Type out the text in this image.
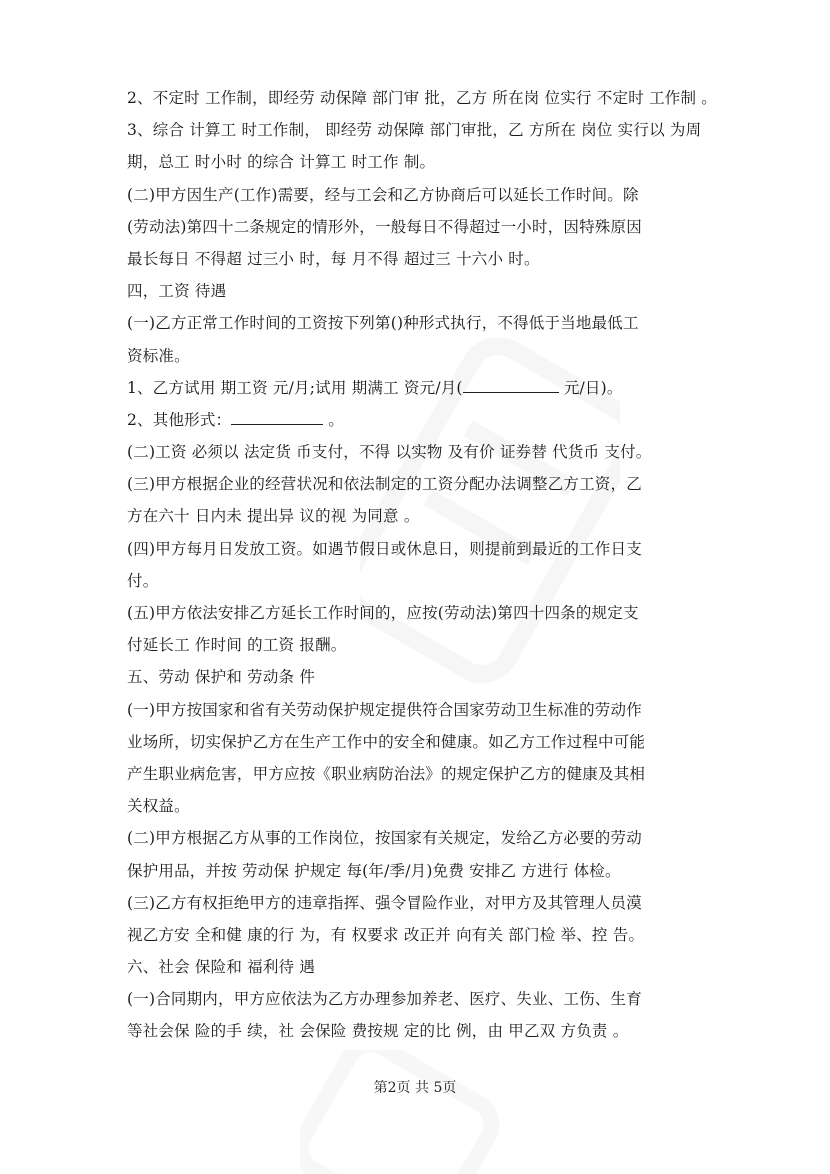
2、不定时 工作制，即经劳 动保障 部门审 批，乙方 所在岗 位实行 不定时 工作制 。
3、综合 计算工 时工作制， 即经劳 动保障 部门审批，乙 方所在 岗位 实行以 为周
期，总工 时小时 的综合 计算工 时工作 制。
(二)甲方因生产(工作)需要，经与工会和乙方协商后可以延长工作时间。除
(劳动法)第四十二条规定的情形外，一般每日不得超过一小时，因特殊原因
最长每日 不得超 过三小 时，每 月不得 超过三 十六小 时。
四，工资 待遇
(一)乙方正常工作时间的工资按下列第()种形式执行，不得低于当地最低工
资标准。
1、乙方试用 期工资 元/月;试用 期满工 资元/月(	元/日)。
2、其他形式：	。
(二)工资 必须以 法定货 币支付，不得 以实物 及有价 证券替 代货币 支付。
(三)甲方根据企业的经营状况和依法制定的工资分配办法调整乙方工资，乙
方在六十 日内未 提出异 议的视 为同意 。
(四)甲方每月日发放工资。如遇节假日或休息日，则提前到最近的工作日支
付。
(五)甲方依法安排乙方延长工作时间的，应按(劳动法)第四十四条的规定支
付延长工 作时间 的工资 报酬。
五、劳动 保护和 劳动条 件
(一)甲方按国家和省有关劳动保护规定提供符合国家劳动卫生标准的劳动作
业场所，切实保护乙方在生产工作中的安全和健康。如乙方工作过程中可能
产生职业病危害，甲方应按《职业病防治法》的规定保护乙方的健康及其相
关权益。
(二)甲方根据乙方从事的工作岗位，按国家有关规定，发给乙方必要的劳动
保护用品，并按 劳动保 护规定 每(年/季/月)免费 安排乙 方进行 体检。
(三)乙方有权拒绝甲方的违章指挥、强令冒险作业，对甲方及其管理人员漠
视乙方安 全和健 康的行 为，有 权要求 改正并 向有关 部门检 举、控 告。
六、社会 保险和 福利待 遇
(一)合同期内，甲方应依法为乙方办理参加养老、医疗、失业、工伤、生育
等社会保 险的手 续，社 会保险 费按规 定的比 例，由 甲乙双 方负责 。
第2页 共 5页
